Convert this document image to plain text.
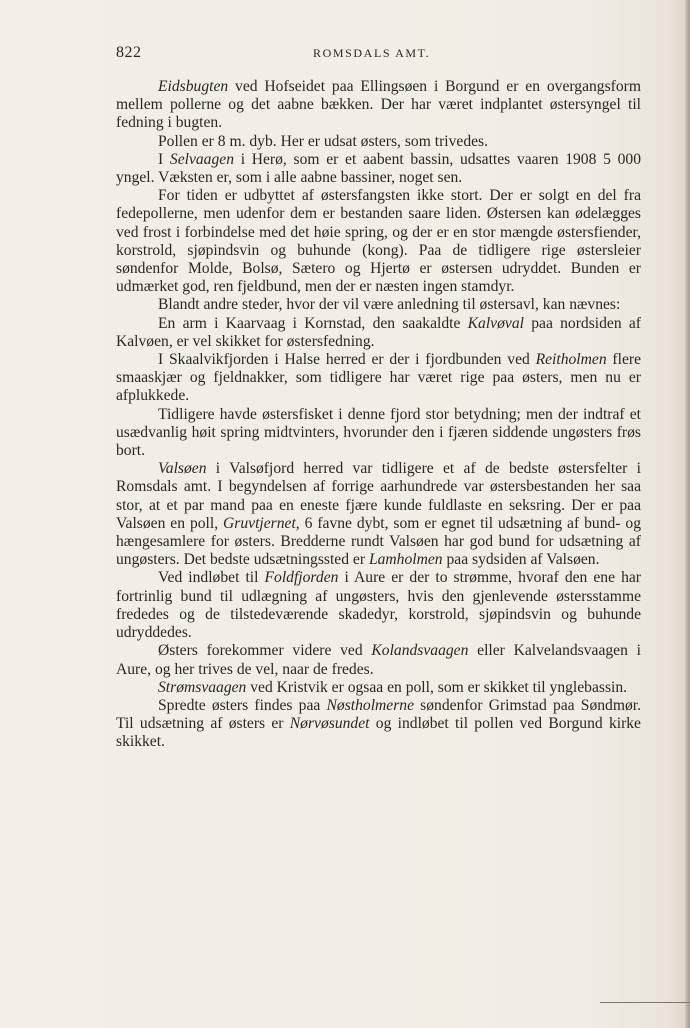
822	ROMSDALS AMT.

Eidsbugten ved Hofseidet paa Ellingsøen i Borgund er en overgangsform mellem pollerne og det aabne bækken. Der har været indplantet østersyngel til fedning i bugten.

Pollen er 8 m. dyb. Her er udsat østers, som trivedes.

I Selvaagen i Herø, som er et aabent bassin, udsattes vaaren 1908 5 000 yngel. Væksten er, som i alle aabne bassiner, noget sen.

For tiden er udbyttet af østersfangsten ikke stort. Der er solgt en del fra fedepollerne, men udenfor dem er bestanden saare liden. Østersen kan ødelægges ved frost i forbindelse med det høie spring, og der er en stor mængde østersfiender, korstrold, sjøpindsvin og buhunde (kong). Paa de tidligere rige østersleier søndenfor Molde, Bolsø, Sætero og Hjertø er østersen udryddet. Bunden er udmærket god, ren fjeldbund, men der er næsten ingen stamdyr.

Blandt andre steder, hvor der vil være anledning til østersavl, kan nævnes:

En arm i Kaarvaag i Kornstad, den saakaldte Kalvøval paa nordsiden af Kalvøen, er vel skikket for østersfedning.

I Skaalvikfjorden i Halse herred er der i fjordbunden ved Reitholmen flere smaaskjær og fjeldnakker, som tidligere har været rige paa østers, men nu er afplukkede.

Tidligere havde østersfisket i denne fjord stor betydning; men der indtraf et usædvanlig høit spring midtvinters, hvorunder den i fjæren siddende ungøsters frøs bort.

Valsøen i Valsøfjord herred var tidligere et af de bedste østersfelter i Romsdals amt. I begyndelsen af forrige aarhundrede var østersbestanden her saa stor, at et par mand paa en eneste fjære kunde fuldlaste en seksring. Der er paa Valsøen en poll, Gruvtjernet, 6 favne dybt, som er egnet til udsætning af bund- og hængesamlere for østers. Bredderne rundt Valsøen har god bund for udsætning af ungøsters. Det bedste udsætningssted er Lamholmen paa sydsiden af Valsøen.

Ved indløbet til Foldfjorden i Aure er der to strømme, hvoraf den ene har fortrinlig bund til udlægning af ungøsters, hvis den gjenlevende østersstamme frededes og de tilstedeværende skadedyr, korstrold, sjøpindsvin og buhunde udryddedes.

Østers forekommer videre ved Kolandsvaagen eller Kalvelandsvaagen i Aure, og her trives de vel, naar de fredes.

Strømsvaagen ved Kristvik er ogsaa en poll, som er skikket til ynglebassin.

Spredte østers findes paa Nøstholmerne søndenfor Grimstad paa Søndmør. Til udsætning af østers er Nørvøsundet og indløbet til pollen ved Borgund kirke skikket.
